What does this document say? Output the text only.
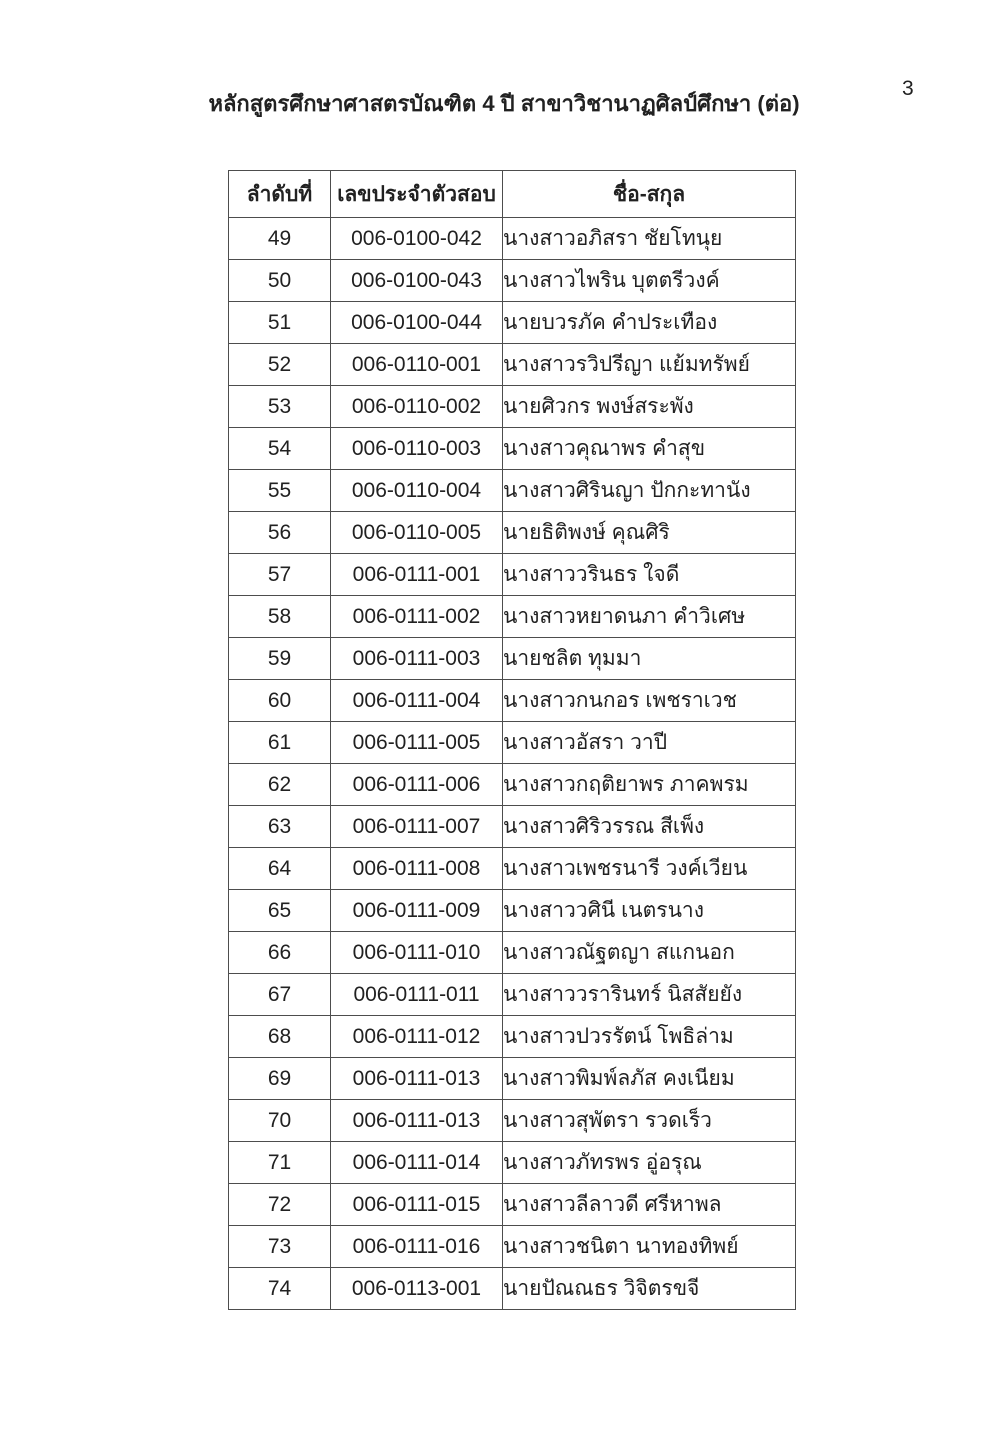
3
หลักสูตรศึกษาศาสตรบัณฑิต 4 ปี สาขาวิชานาฏศิลป์ศึกษา (ต่อ)
ลำดับที่	เลขประจำตัวสอบ	ชื่อ-สกุล
49	006-0100-042	นางสาวอภิสรา ชัยโทนุย
50	006-0100-043	นางสาวไพริน บุตตรีวงค์
51	006-0100-044	นายบวรภัค คำประเทือง
52	006-0110-001	นางสาวรวิปรีญา แย้มทรัพย์
53	006-0110-002	นายศิวกร พงษ์สระพัง
54	006-0110-003	นางสาวคุณาพร คำสุข
55	006-0110-004	นางสาวศิรินญา ปักกะทานัง
56	006-0110-005	นายธิติพงษ์ คุณศิริ
57	006-0111-001	นางสาววรินธร ใจดี
58	006-0111-002	นางสาวหยาดนภา คำวิเศษ
59	006-0111-003	นายชลิต ทุมมา
60	006-0111-004	นางสาวกนกอร เพชราเวช
61	006-0111-005	นางสาวอัสรา วาปี
62	006-0111-006	นางสาวกฤติยาพร ภาคพรม
63	006-0111-007	นางสาวศิริวรรณ สีเพ็ง
64	006-0111-008	นางสาวเพชรนารี วงค์เวียน
65	006-0111-009	นางสาววศินี เนตรนาง
66	006-0111-010	นางสาวณัฐตญา สแกนอก
67	006-0111-011	นางสาววรารินทร์ นิสสัยยัง
68	006-0111-012	นางสาวปวรรัตน์ โพธิล่าม
69	006-0111-013	นางสาวพิมพ์ลภัส คงเนียม
70	006-0111-013	นางสาวสุพัตรา รวดเร็ว
71	006-0111-014	นางสาวภัทรพร อู่อรุณ
72	006-0111-015	นางสาวลีลาวดี ศรีหาพล
73	006-0111-016	นางสาวชนิตา นาทองทิพย์
74	006-0113-001	นายปัณณธร วิจิตรขจี
